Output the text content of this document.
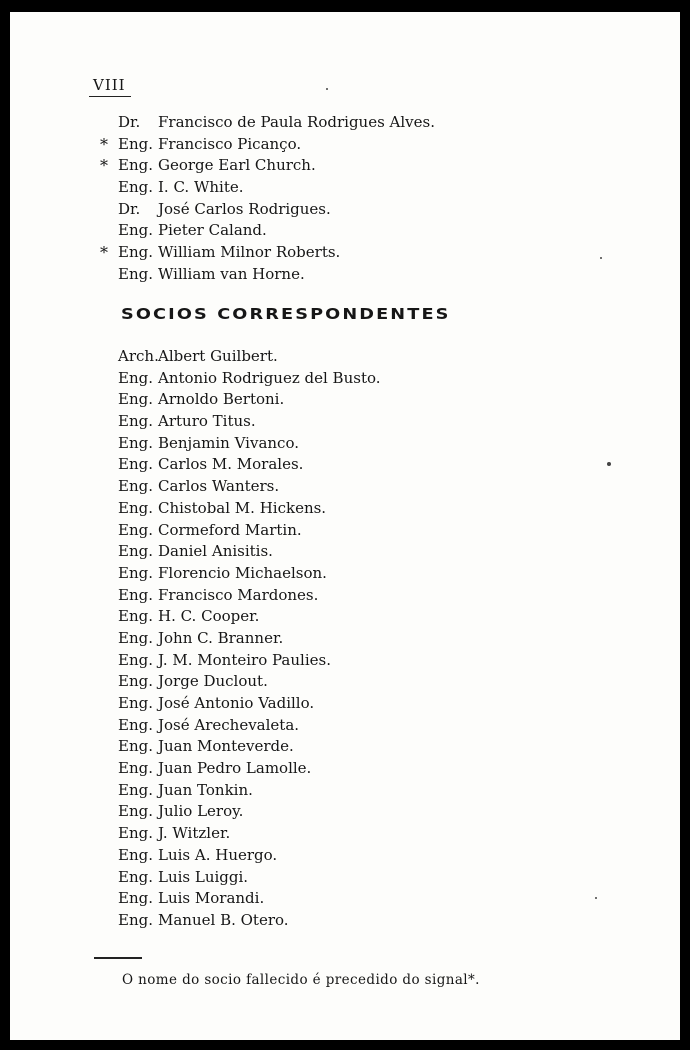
VIII
Dr. Francisco de Paula Rodrigues Alves.
* Eng. Francisco Picanço.
* Eng. George Earl Church.
Eng. I. C. White.
Dr. José Carlos Rodrigues.
Eng. Pieter Caland.
* Eng. William Milnor Roberts.
Eng. William van Horne.
SOCIOS CORRESPONDENTES
Arch.Albert Guilbert.
Eng. Antonio Rodriguez del Busto.
Eng. Arnoldo Bertoni.
Eng. Arturo Titus.
Eng. Benjamin Vivanco.
Eng. Carlos M. Morales.
Eng. Carlos Wanters.
Eng. Chistobal M. Hickens.
Eng. Cormeford Martin.
Eng. Daniel Anisitis.
Eng. Florencio Michaelson.
Eng. Francisco Mardones.
Eng. H. C. Cooper.
Eng. John C. Branner.
Eng. J. M. Monteiro Paulies.
Eng. Jorge Duclout.
Eng. José Antonio Vadillo.
Eng. José Arechevaleta.
Eng. Juan Monteverde.
Eng. Juan Pedro Lamolle.
Eng. Juan Tonkin.
Eng. Julio Leroy.
Eng. J. Witzler.
Eng. Luis A. Huergo.
Eng. Luis Luiggi.
Eng. Luis Morandi.
Eng. Manuel B. Otero.
O nome do socio fallecido é precedido do signal*.
